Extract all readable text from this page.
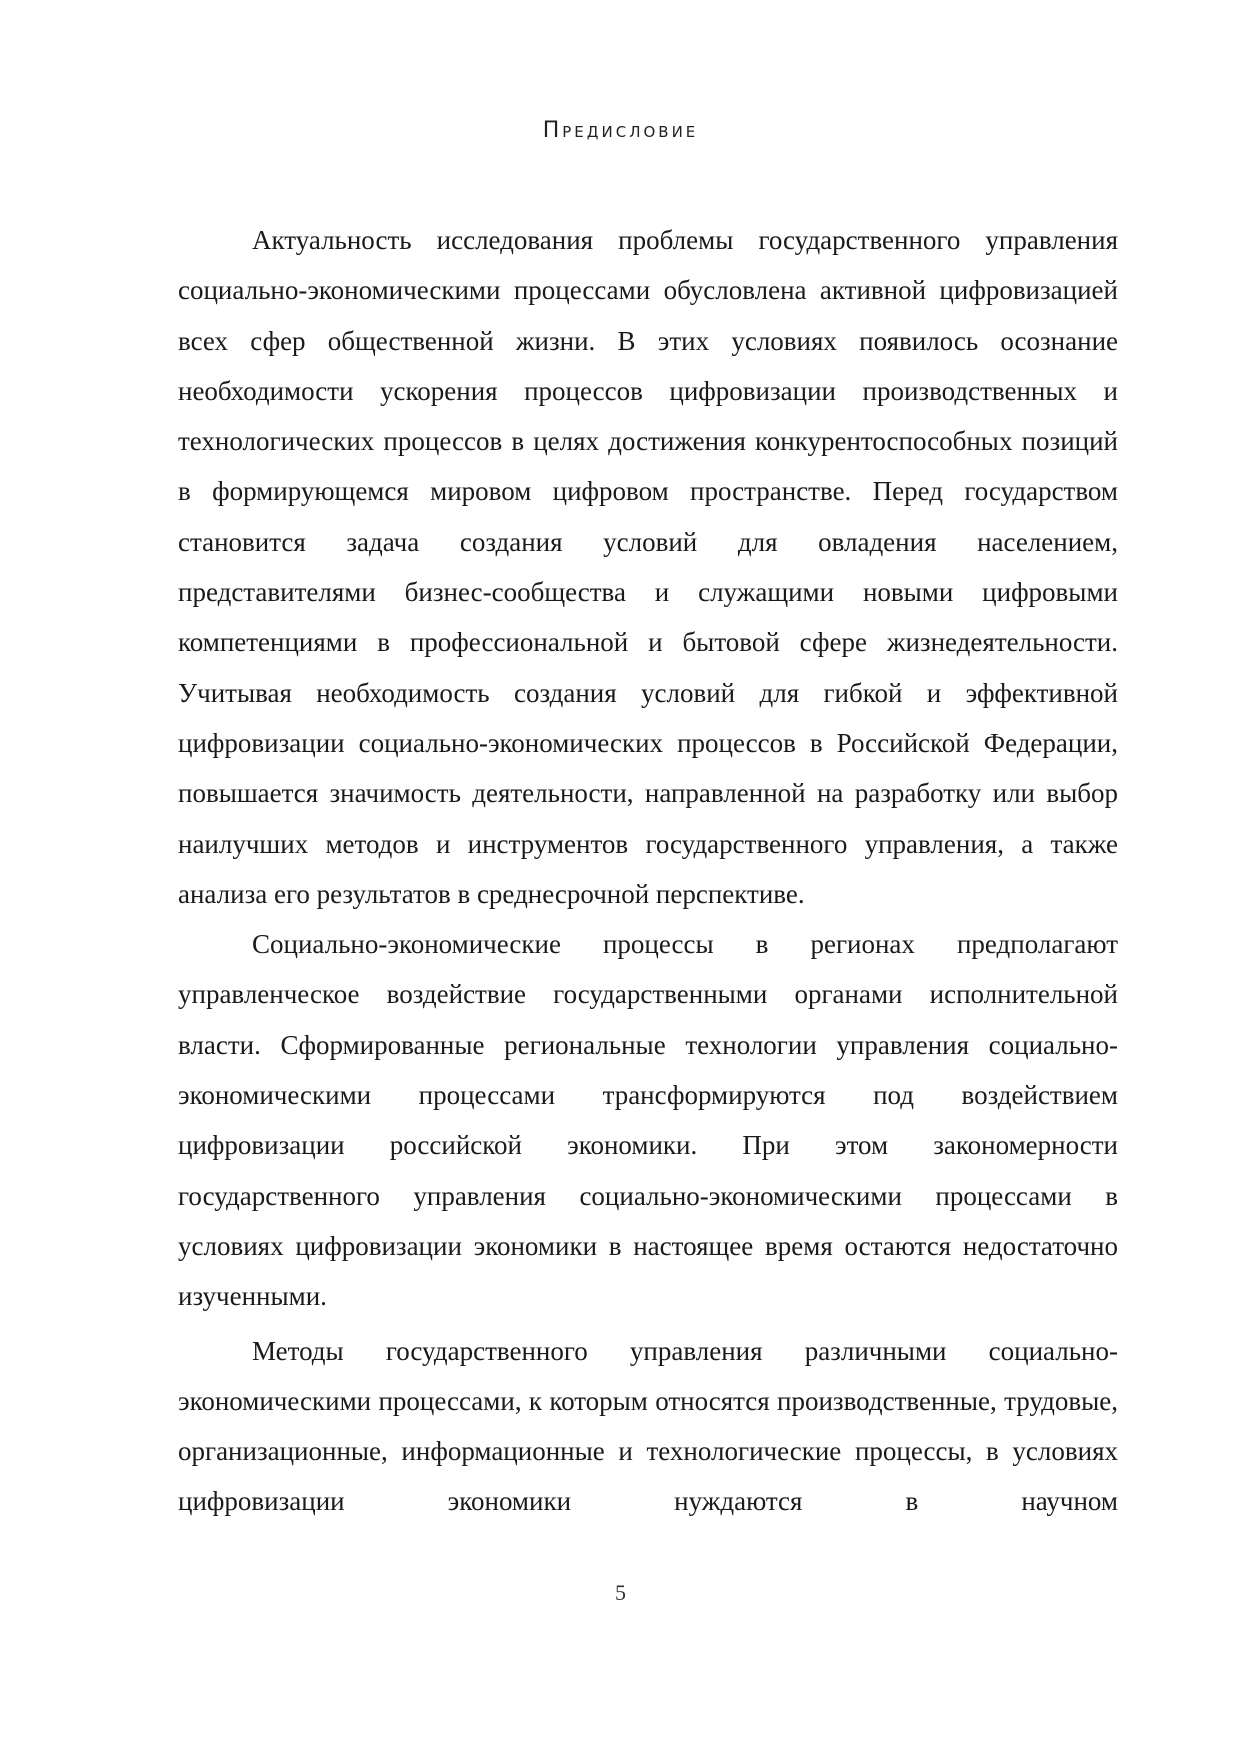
Предисловие

Актуальность исследования проблемы государственного управления социально-экономическими процессами обусловлена активной цифровизацией всех сфер общественной жизни. В этих условиях появилось осознание необходимости ускорения процессов цифровизации производственных и технологических процессов в целях достижения конкурентоспособных позиций в формирующемся мировом цифровом пространстве. Перед государством становится задача создания условий для овладения населением, представителями бизнес-сообщества и служащими новыми цифровыми компетенциями в профессиональной и бытовой сфере жизнедеятельности. Учитывая необходимость создания условий для гибкой и эффективной цифровизации социально-экономических процессов в Российской Федерации, повышается значимость деятельности, направленной на разработку или выбор наилучших методов и инструментов государственного управления, а также анализа его результатов в среднесрочной перспективе.

Социально-экономические процессы в регионах предполагают управленческое воздействие государственными органами исполнительной власти. Сформированные региональные технологии управления социально-экономическими процессами трансформируются под воздействием цифровизации российской экономики. При этом закономерности государственного управления социально-экономическими процессами в условиях цифровизации экономики в настоящее время остаются недостаточно изученными.

Методы государственного управления различными социально-экономическими процессами, к которым относятся производственные, трудовые, организационные, информационные и технологические процессы, в условиях цифровизации экономики нуждаются в научном

5
